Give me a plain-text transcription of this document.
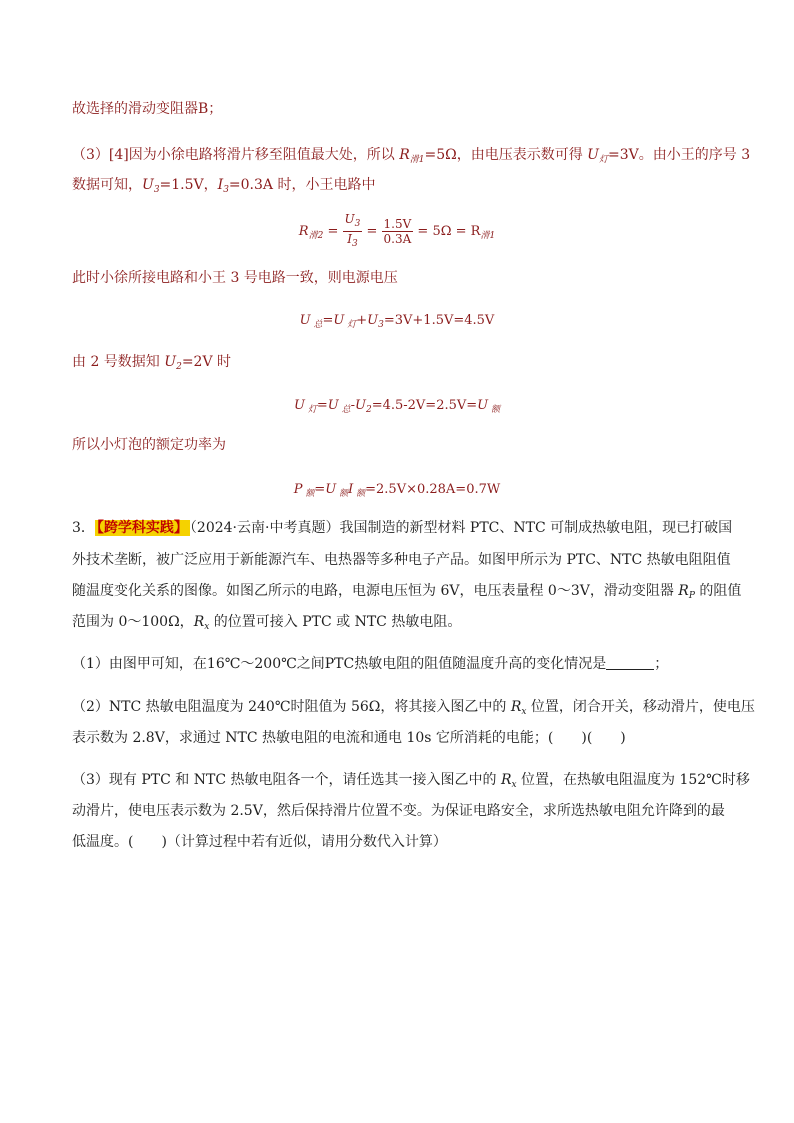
故选择的滑动变阻器B；
（3）[4]因为小徐电路将滑片移至阻值最大处，所以 $R_{滑1}=5\Omega$，由电压表示数可得 $U_灯=3V$。由小王的序号 3
数据可知，$U_3=1.5V$，$I_3=0.3A$ 时，小王电路中
$R_{滑2} = \frac{U_3}{I_3} = \frac{1.5V}{0.3A} = 5\Omega = R_{滑1}$
此时小徐所接电路和小王 3 号电路一致，则电源电压
U $_总$=U $_灯+U_3=3V+1.5V=4.5V$
由 2 号数据知 $U_2=2V$ 时
U $_灯$=U $_总-U_2=4.5-2V=2.5V=U$ $_额$
所以小灯泡的额定功率为
P $_额$=U $_额$I $_额$=2.5V×0.28A=0.7W
3． 【跨学科实践】 （2024·云南·中考真题）我国制造的新型材料 PTC、NTC 可制成热敏电阻，现已打破国
外技术垄断，被广泛应用于新能源汽车、电热器等多种电子产品。如图甲所示为 PTC、NTC 热敏电阻阻值
随温度变化关系的图像。如图乙所示的电路，电源电压恒为 6V，电压表量程 0～3V，滑动变阻器 $R_P$ 的阻值
范围为 0～100Ω，$R_x$ 的位置可接入 PTC 或 NTC 热敏电阻。
（1）由图甲可知，在16℃～200℃之间PTC热敏电阻的阻值随温度升高的变化情况是	；
（2）NTC 热敏电阻温度为 240℃时阻值为 56Ω，将其接入图乙中的 $R_x$ 位置，闭合开关，移动滑片，使电压
表示数为 2.8V，求通过 NTC 热敏电阻的电流和通电 10s 它所消耗的电能；(　　)(　　)
（3）现有 PTC 和 NTC 热敏电阻各一个，请任选其一接入图乙中的 $R_x$ 位置，在热敏电阻温度为 152℃时移
动滑片，使电压表示数为 2.5V，然后保持滑片位置不变。为保证电路安全，求所选热敏电阻允许降到的最
低温度。(　　)（计算过程中若有近似，请用分数代入计算）
